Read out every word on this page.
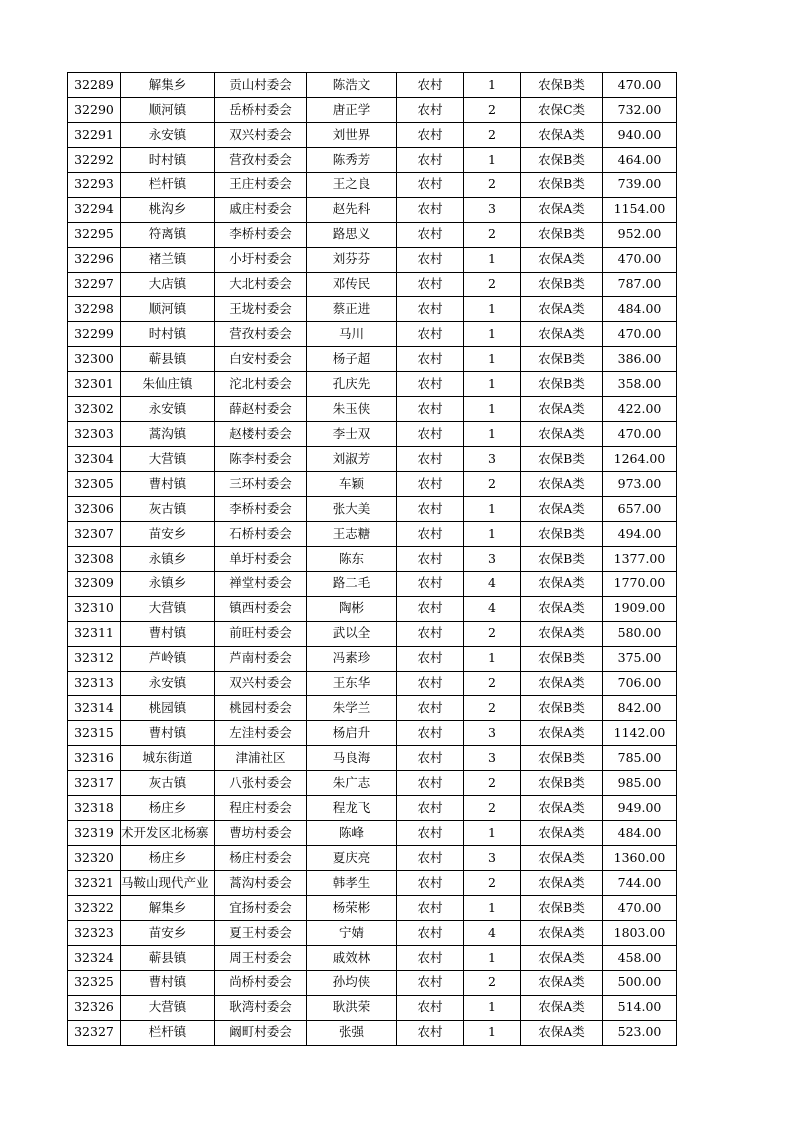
32289	解集乡	贡山村委会	陈浩文	农村	1	农保B类	470.00
32290	顺河镇	岳桥村委会	唐正学	农村	2	农保C类	732.00
32291	永安镇	双兴村委会	刘世界	农村	2	农保A类	940.00
32292	时村镇	营孜村委会	陈秀芳	农村	1	农保B类	464.00
32293	栏杆镇	王庄村委会	王之良	农村	2	农保B类	739.00
32294	桃沟乡	戚庄村委会	赵先科	农村	3	农保A类	1154.00
32295	符离镇	李桥村委会	路思义	农村	2	农保B类	952.00
32296	褚兰镇	小圩村委会	刘芬芬	农村	1	农保A类	470.00
32297	大店镇	大北村委会	邓传民	农村	2	农保B类	787.00
32298	顺河镇	王垅村委会	蔡正进	农村	1	农保A类	484.00
32299	时村镇	营孜村委会	马川	农村	1	农保A类	470.00
32300	蕲县镇	白安村委会	杨子超	农村	1	农保B类	386.00
32301	朱仙庄镇	沱北村委会	孔庆先	农村	1	农保B类	358.00
32302	永安镇	薛赵村委会	朱玉侠	农村	1	农保A类	422.00
32303	蒿沟镇	赵楼村委会	李士双	农村	1	农保A类	470.00
32304	大营镇	陈李村委会	刘淑芳	农村	3	农保B类	1264.00
32305	曹村镇	三环村委会	车颖	农村	2	农保A类	973.00
32306	灰古镇	李桥村委会	张大美	农村	1	农保A类	657.00
32307	苗安乡	石桥村委会	王志糖	农村	1	农保B类	494.00
32308	永镇乡	单圩村委会	陈东	农村	3	农保B类	1377.00
32309	永镇乡	禅堂村委会	路二毛	农村	4	农保A类	1770.00
32310	大营镇	镇西村委会	陶彬	农村	4	农保A类	1909.00
32311	曹村镇	前旺村委会	武以全	农村	2	农保A类	580.00
32312	芦岭镇	芦南村委会	冯素珍	农村	1	农保B类	375.00
32313	永安镇	双兴村委会	王东华	农村	2	农保A类	706.00
32314	桃园镇	桃园村委会	朱学兰	农村	2	农保B类	842.00
32315	曹村镇	左洼村委会	杨启升	农村	3	农保A类	1142.00
32316	城东街道	津浦社区	马良海	农村	3	农保B类	785.00
32317	灰古镇	八张村委会	朱广志	农村	2	农保B类	985.00
32318	杨庄乡	程庄村委会	程龙飞	农村	2	农保A类	949.00
32319	术开发区北杨寨	曹坊村委会	陈峰	农村	1	农保A类	484.00
32320	杨庄乡	杨庄村委会	夏庆亮	农村	3	农保A类	1360.00
32321	马鞍山现代产业	蒿沟村委会	韩孝生	农村	2	农保A类	744.00
32322	解集乡	宜扬村委会	杨荣彬	农村	1	农保B类	470.00
32323	苗安乡	夏王村委会	宁婧	农村	4	农保A类	1803.00
32324	蕲县镇	周王村委会	戚效林	农村	1	农保A类	458.00
32325	曹村镇	尚桥村委会	孙均侠	农村	2	农保A类	500.00
32326	大营镇	耿湾村委会	耿洪荣	农村	1	农保A类	514.00
32327	栏杆镇	阚町村委会	张强	农村	1	农保A类	523.00
